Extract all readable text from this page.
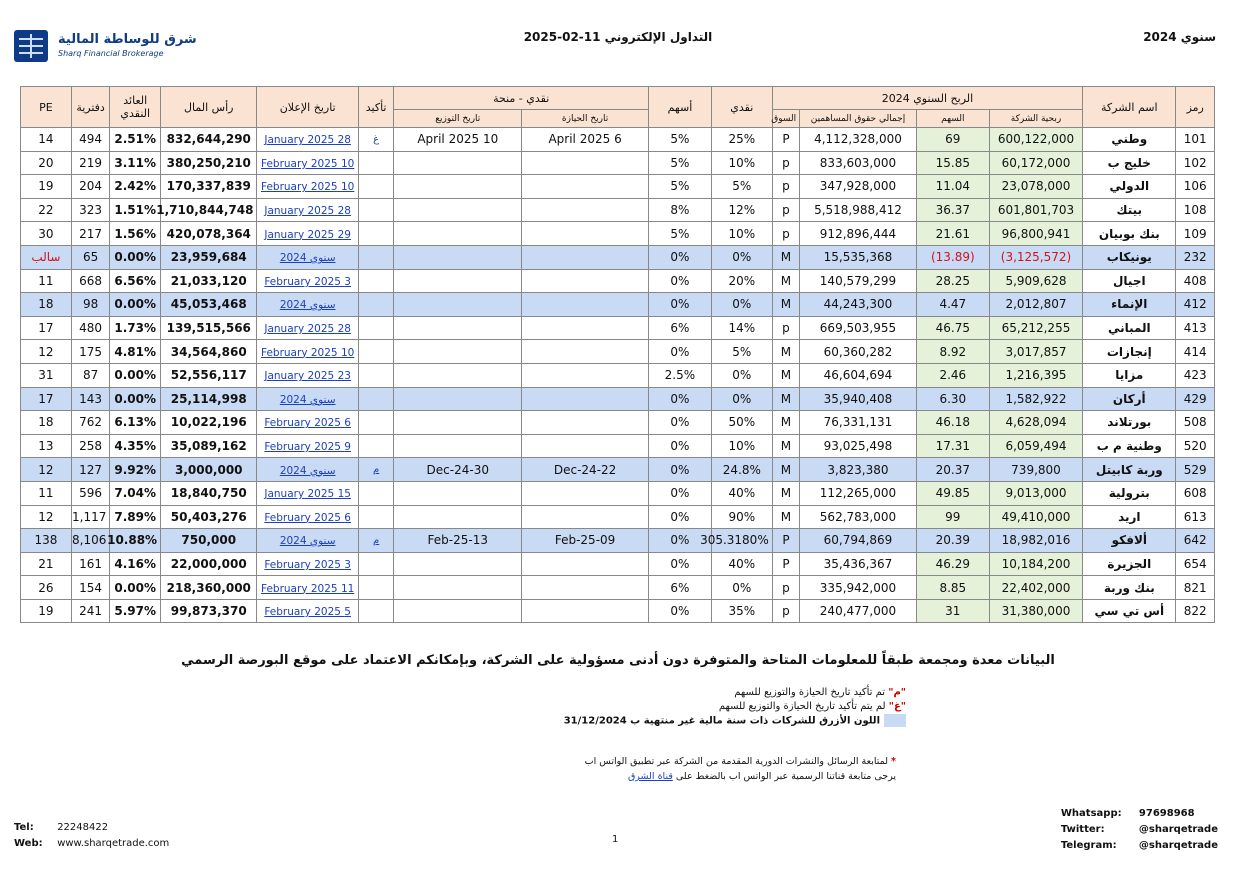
سنوي 2024
التداول الإلكتروني 11-02-2025
شرق للوساطة المالية
Sharq Financial Brokerage
رمز	اسم الشركة	الربح السنوي 2024				نقدي	أسهم	نقدي - منحة		تأكيد	تاريخ الإعلان	رأس المال	العائد النقدي	دفترية	PE
		ربحية الشركة	السهم	إجمالي حقوق المساهمين	السوق			تاريخ الحيازة	تاريخ التوزيع						
101	وطني	600,122,000	69	4,112,328,000	P	25%	5%	6 April 2025	10 April 2025	غ	28 January 2025	832,644,290	2.51%	494	14
102	خليج ب	60,172,000	15.85	833,603,000	p	10%	5%				10 February 2025	380,250,210	3.11%	219	20
106	الدولي	23,078,000	11.04	347,928,000	p	5%	5%				10 February 2025	170,337,839	2.42%	204	19
108	بيتك	601,801,703	36.37	5,518,988,412	p	12%	8%				28 January 2025	1,710,844,748	1.51%	323	22
109	بنك بوبيان	96,800,941	21.61	912,896,444	p	10%	5%				29 January 2025	420,078,364	1.56%	217	30
232	يونيكاب	(3,125,572)	(13.89)	15,535,368	M	0%	0%				سنوي 2024	23,959,684	0.00%	65	سالب
408	اجيال	5,909,628	28.25	140,579,299	M	20%	0%				3 February 2025	21,033,120	6.56%	668	11
412	الإنماء	2,012,807	4.47	44,243,300	M	0%	0%				سنوي 2024	45,053,468	0.00%	98	18
413	المباني	65,212,255	46.75	669,503,955	p	14%	6%				28 January 2025	139,515,566	1.73%	480	17
414	إنجازات	3,017,857	8.92	60,360,282	M	5%	0%				10 February 2025	34,564,860	4.81%	175	12
423	مزايا	1,216,395	2.46	46,604,694	M	0%	2.5%				23 January 2025	52,556,117	0.00%	87	31
429	أركان	1,582,922	6.30	35,940,408	M	0%	0%				سنوي 2024	25,114,998	0.00%	143	17
508	بورتلاند	4,628,094	46.18	76,331,131	M	50%	0%				6 February 2025	10,022,196	6.13%	762	18
520	وطنية م ب	6,059,494	17.31	93,025,498	M	10%	0%				9 February 2025	35,089,162	4.35%	258	13
529	وربة كابيتل	739,800	20.37	3,823,380	M	24.8%	0%	22-Dec-24	30-Dec-24	م	سنوي 2024	3,000,000	9.92%	127	12
608	بترولية	9,013,000	49.85	112,265,000	M	40%	0%				15 January 2025	18,840,750	7.04%	596	11
613	اريد	49,410,000	99	562,783,000	M	90%	0%				6 February 2025	50,403,276	7.89%	1,117	12
642	ألافكو	18,982,016	20.39	60,794,869	P	305.3180%	0%	09-Feb-25	13-Feb-25	م	سنوي 2024	750,000	10.88%	8,106	138
654	الجزيرة	10,184,200	46.29	35,436,367	P	40%	0%				3 February 2025	22,000,000	4.16%	161	21
821	بنك وربة	22,402,000	8.85	335,942,000	p	0%	6%				11 February 2025	218,360,000	0.00%	154	26
822	أس تي سي	31,380,000	31	240,477,000	p	35%	0%				5 February 2025	99,873,370	5.97%	241	19
البيانات معدة ومجمعة طبقاً للمعلومات المتاحة والمتوفرة دون أدنى مسؤولية على الشركة، وبإمكانكم الاعتماد على موقع البورصة الرسمي
"م" تم تأكيد تاريخ الحيازة والتوزيع للسهم
"غ" لم يتم تأكيد تاريخ الحيازة والتوزيع للسهم
اللون الأزرق للشركات ذات سنة مالية غير منتهية ب 31/12/2024
* لمتابعة الرسائل والنشرات الدورية المقدمة من الشركة عبر تطبيق الواتس اب
يرجى متابعة قناتنا الرسمية عبر الواتس اب بالضغط على قناة الشرق
Tel: 22248422
Web: www.sharqetrade.com	1
Whatsapp: 97698968
Twitter:	@sharqetrade
Telegram: @sharqetrade
